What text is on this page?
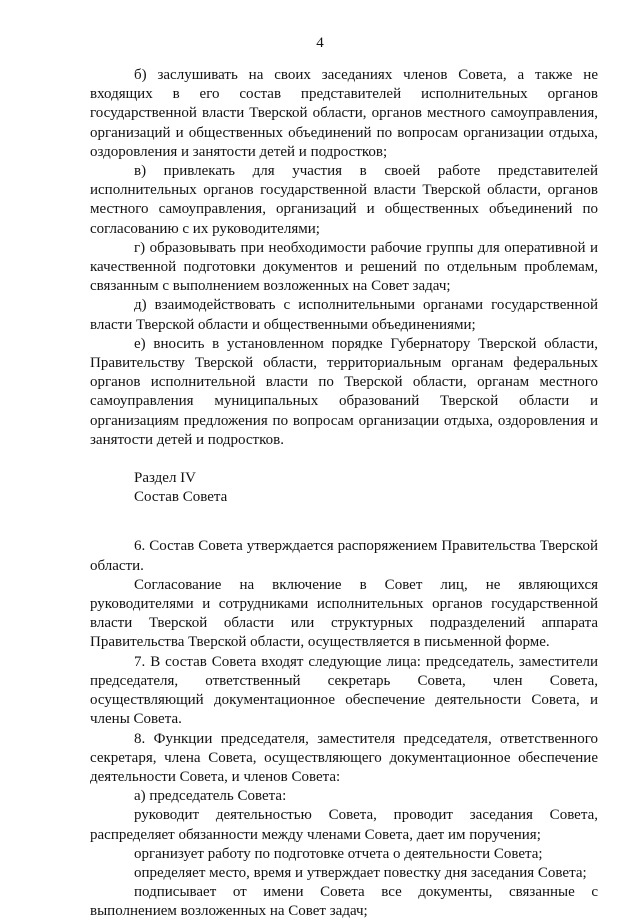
4

б) заслушивать на своих заседаниях членов Совета, а также не входящих в его состав представителей исполнительных органов государственной власти Тверской области, органов местного самоуправления, организаций и общественных объединений по вопросам организации отдыха, оздоровления и занятости детей и подростков;

в) привлекать для участия в своей работе представителей исполнительных органов государственной власти Тверской области, органов местного самоуправления, организаций и общественных объединений по согласованию с их руководителями;

г) образовывать при необходимости рабочие группы для оперативной и качественной подготовки документов и решений по отдельным проблемам, связанным с выполнением возложенных на Совет задач;

д) взаимодействовать с исполнительными органами государственной власти Тверской области и общественными объединениями;

е) вносить в установленном порядке Губернатору Тверской области, Правительству Тверской области, территориальным органам федеральных органов исполнительной власти по Тверской области, органам местного самоуправления муниципальных образований Тверской области и организациям предложения по вопросам организации отдыха, оздоровления и занятости детей и подростков.

Раздел IV

Состав Совета

6. Состав Совета утверждается распоряжением Правительства Тверской области.

Согласование на включение в Совет лиц, не являющихся руководителями и сотрудниками исполнительных органов государственной власти Тверской области или структурных подразделений аппарата Правительства Тверской области, осуществляется в письменной форме.

7. В состав Совета входят следующие лица: председатель, заместители председателя, ответственный секретарь Совета, член Совета, осуществляющий документационное обеспечение деятельности Совета, и члены Совета.

8. Функции председателя, заместителя председателя, ответственного секретаря, члена Совета, осуществляющего документационное обеспечение деятельности Совета, и членов Совета:

а) председатель Совета:

руководит деятельностью Совета, проводит заседания Совета, распределяет обязанности между членами Совета, дает им поручения;

организует работу по подготовке отчета о деятельности Совета;

определяет место, время и утверждает повестку дня заседания Совета;

подписывает от имени Совета все документы, связанные с выполнением возложенных на Совет задач;
